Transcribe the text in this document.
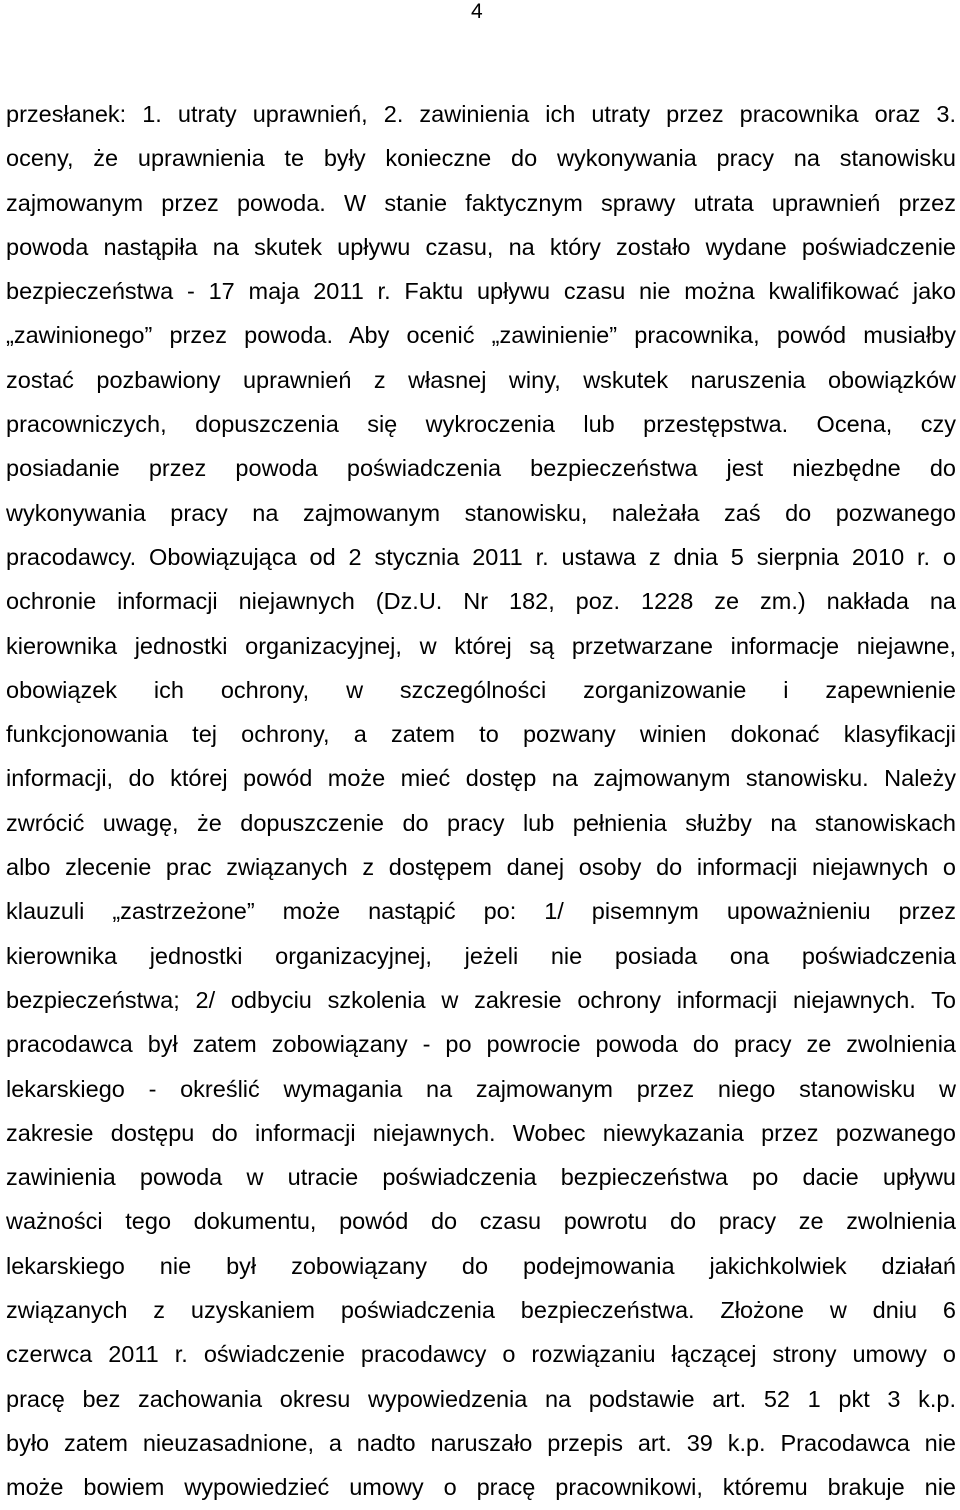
4
przesłanek: 1. utraty uprawnień, 2. zawinienia ich utraty przez pracownika oraz 3.
oceny, że uprawnienia te były konieczne do wykonywania pracy na stanowisku
zajmowanym przez powoda. W stanie faktycznym sprawy utrata uprawnień przez
powoda nastąpiła na skutek upływu czasu, na który zostało wydane poświadczenie
bezpieczeństwa - 17 maja 2011 r. Faktu upływu czasu nie można kwalifikować jako
„zawinionego” przez powoda. Aby ocenić „zawinienie” pracownika, powód musiałby
zostać pozbawiony uprawnień z własnej winy, wskutek naruszenia obowiązków
pracowniczych, dopuszczenia się wykroczenia lub przestępstwa. Ocena, czy
posiadanie przez powoda poświadczenia bezpieczeństwa jest niezbędne do
wykonywania pracy na zajmowanym stanowisku, należała zaś do pozwanego
pracodawcy. Obowiązująca od 2 stycznia 2011 r. ustawa z dnia 5 sierpnia 2010 r. o
ochronie informacji niejawnych (Dz.U. Nr 182, poz. 1228 ze zm.) nakłada na
kierownika jednostki organizacyjnej, w której są przetwarzane informacje niejawne,
obowiązek ich ochrony, w szczególności zorganizowanie i zapewnienie
funkcjonowania tej ochrony, a zatem to pozwany winien dokonać klasyfikacji
informacji, do której powód może mieć dostęp na zajmowanym stanowisku. Należy
zwrócić uwagę, że dopuszczenie do pracy lub pełnienia służby na stanowiskach
albo zlecenie prac związanych z dostępem danej osoby do informacji niejawnych o
klauzuli „zastrzeżone” może nastąpić po: 1/ pisemnym upoważnieniu przez
kierownika jednostki organizacyjnej, jeżeli nie posiada ona poświadczenia
bezpieczeństwa; 2/ odbyciu szkolenia w zakresie ochrony informacji niejawnych. To
pracodawca był zatem zobowiązany - po powrocie powoda do pracy ze zwolnienia
lekarskiego - określić wymagania na zajmowanym przez niego stanowisku w
zakresie dostępu do informacji niejawnych. Wobec niewykazania przez pozwanego
zawinienia powoda w utracie poświadczenia bezpieczeństwa po dacie upływu
ważności tego dokumentu, powód do czasu powrotu do pracy ze zwolnienia
lekarskiego nie był zobowiązany do podejmowania jakichkolwiek działań
związanych z uzyskaniem poświadczenia bezpieczeństwa. Złożone w dniu 6
czerwca 2011 r. oświadczenie pracodawcy o rozwiązaniu łączącej strony umowy o
pracę bez zachowania okresu wypowiedzenia na podstawie art. 52 1 pkt 3 k.p.
było zatem nieuzasadnione, a nadto naruszało przepis art. 39 k.p. Pracodawca nie
może bowiem wypowiedzieć umowy o pracę pracownikowi, któremu brakuje nie
